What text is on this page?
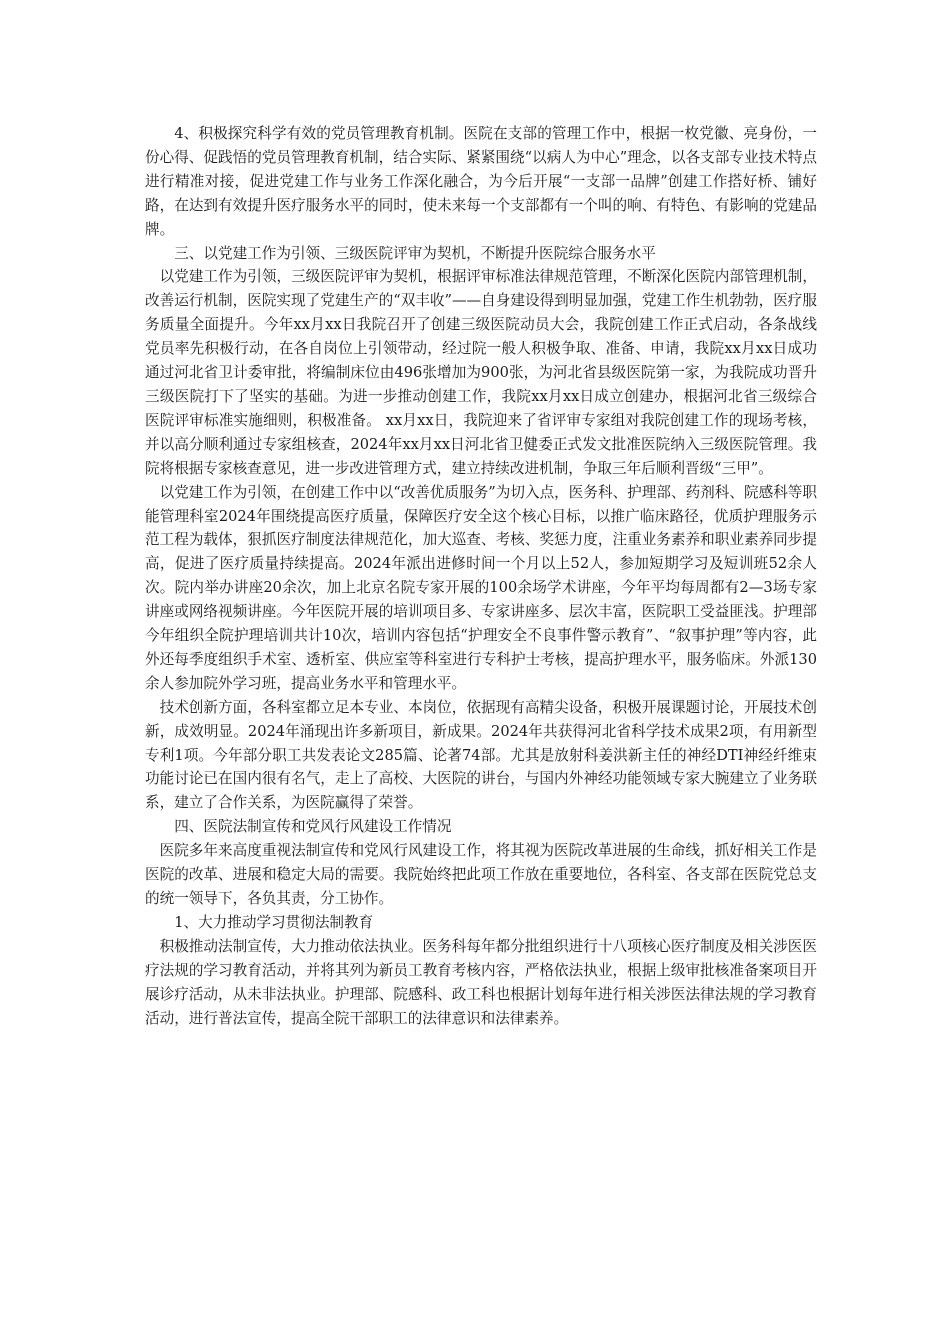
4、积极探究科学有效的党员管理教育机制。医院在支部的管理工作中，根据一枚党徽、亮身份，一份心得、促践悟的党员管理教育机制，结合实际、紧紧围绕“以病人为中心”理念，以各支部专业技术特点进行精准对接，促进党建工作与业务工作深化融合，为今后开展“一支部一品牌”创建工作搭好桥、铺好路，在达到有效提升医疗服务水平的同时，使未来每一个支部都有一个叫的响、有特色、有影响的党建品牌。

三、以党建工作为引领、三级医院评审为契机，不断提升医院综合服务水平

以党建工作为引领，三级医院评审为契机，根据评审标准法律规范管理，不断深化医院内部管理机制，改善运行机制，医院实现了党建生产的“双丰收”——自身建设得到明显加强，党建工作生机勃勃，医疗服务质量全面提升。今年xx月xx日我院召开了创建三级医院动员大会，我院创建工作正式启动，各条战线党员率先积极行动，在各自岗位上引领带动，经过院一般人积极争取、准备、申请，我院xx月xx日成功通过河北省卫计委审批，将编制床位由496张增加为900张，为河北省县级医院第一家，为我院成功晋升三级医院打下了坚实的基础。为进一步推动创建工作，我院xx月xx日成立创建办，根据河北省三级综合医院评审标准实施细则，积极准备。 xx月xx日，我院迎来了省评审专家组对我院创建工作的现场考核，并以高分顺利通过专家组核查，2024年xx月xx日河北省卫健委正式发文批准医院纳入三级医院管理。我院将根据专家核查意见，进一步改进管理方式，建立持续改进机制，争取三年后顺利晋级“三甲”。

以党建工作为引领，在创建工作中以“改善优质服务”为切入点，医务科、护理部、药剂科、院感科等职能管理科室2024年围绕提高医疗质量，保障医疗安全这个核心目标，以推广临床路径，优质护理服务示范工程为载体，狠抓医疗制度法律规范化，加大巡查、考核、奖惩力度，注重业务素养和职业素养同步提高，促进了医疗质量持续提高。2024年派出进修时间一个月以上52人，参加短期学习及短训班52余人次。院内举办讲座20余次，加上北京名院专家开展的100余场学术讲座，今年平均每周都有2—3场专家讲座或网络视频讲座。今年医院开展的培训项目多、专家讲座多、层次丰富，医院职工受益匪浅。护理部今年组织全院护理培训共计10次，培训内容包括“护理安全不良事件警示教育”、“叙事护理”等内容，此外还每季度组织手术室、透析室、供应室等科室进行专科护士考核，提高护理水平，服务临床。外派130余人参加院外学习班，提高业务水平和管理水平。

技术创新方面，各科室都立足本专业、本岗位，依据现有高精尖设备，积极开展课题讨论，开展技术创新，成效明显。2024年涌现出许多新项目，新成果。2024年共获得河北省科学技术成果2项，有用新型专利1项。今年部分职工共发表论文285篇、论著74部。尤其是放射科姜洪新主任的神经DTI神经纤维束功能讨论已在国内很有名气，走上了高校、大医院的讲台，与国内外神经功能领域专家大腕建立了业务联系，建立了合作关系，为医院赢得了荣誉。

四、医院法制宣传和党风行风建设工作情况

医院多年来高度重视法制宣传和党风行风建设工作，将其视为医院改革进展的生命线，抓好相关工作是医院的改革、进展和稳定大局的需要。我院始终把此项工作放在重要地位，各科室、各支部在医院党总支的统一领导下，各负其责，分工协作。

1、大力推动学习贯彻法制教育

积极推动法制宣传，大力推动依法执业。医务科每年都分批组织进行十八项核心医疗制度及相关涉医医疗法规的学习教育活动，并将其列为新员工教育考核内容，严格依法执业，根据上级审批核准备案项目开展诊疗活动，从未非法执业。护理部、院感科、政工科也根据计划每年进行相关涉医法律法规的学习教育活动，进行普法宣传，提高全院干部职工的法律意识和法律素养。
